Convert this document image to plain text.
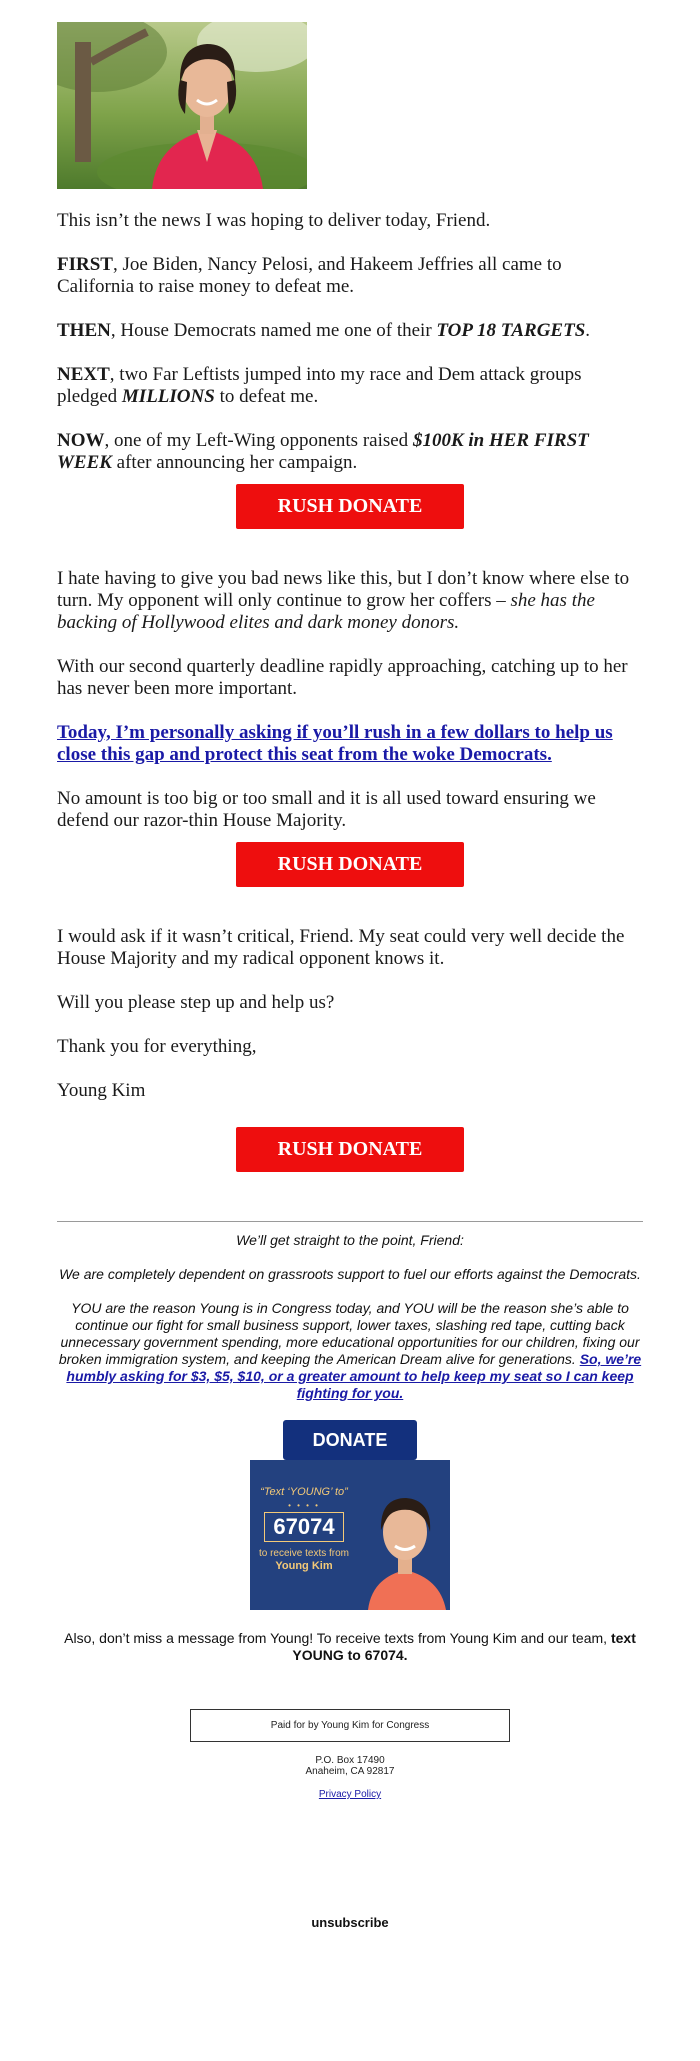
This isn’t the news I was hoping to deliver today, Friend.

FIRST, Joe Biden, Nancy Pelosi, and Hakeem Jeffries all came to California to raise money to defeat me.

THEN, House Democrats named me one of their TOP 18 TARGETS.

NEXT, two Far Leftists jumped into my race and Dem attack groups pledged MILLIONS to defeat me.

NOW, one of my Left-Wing opponents raised $100K in HER FIRST WEEK after announcing her campaign.

RUSH DONATE HERE

I hate having to give you bad news like this, but I don’t know where else to turn. My opponent will only continue to grow her coffers – she has the backing of Hollywood elites and dark money donors.

With our second quarterly deadline rapidly approaching, catching up to her has never been more important.

Today, I’m personally asking if you’ll rush in a few dollars to help us close this gap and protect this seat from the woke Democrats.

No amount is too big or too small and it is all used toward ensuring we defend our razor-thin House Majority.

RUSH DONATE HERE

I would ask if it wasn’t critical, Friend. My seat could very well decide the House Majority and my radical opponent knows it.

Will you please step up and help us?

Thank you for everything,

Young Kim

RUSH DONATE HERE

We’ll get straight to the point, Friend:

We are completely dependent on grassroots support to fuel our efforts against the Democrats.

YOU are the reason Young is in Congress today, and YOU will be the reason she’s able to continue our fight for small business support, lower taxes, slashing red tape, cutting back unnecessary government spending, more educational opportunities for our children, fixing our broken immigration system, and keeping the American Dream alive for generations. So, we’re humbly asking for $3, $5, $10, or a greater amount to help keep my seat so I can keep fighting for you.

DONATE
“Text ‘YOUNG’ to”
• • • •
67074
to receive texts from
Young Kim

Also, don’t miss a message from Young! To receive texts from Young Kim and our team, text YOUNG to 67074.

Paid for by Young Kim for Congress
P.O. Box 17490
Anaheim, CA 92817
Privacy Policy
unsubscribe
